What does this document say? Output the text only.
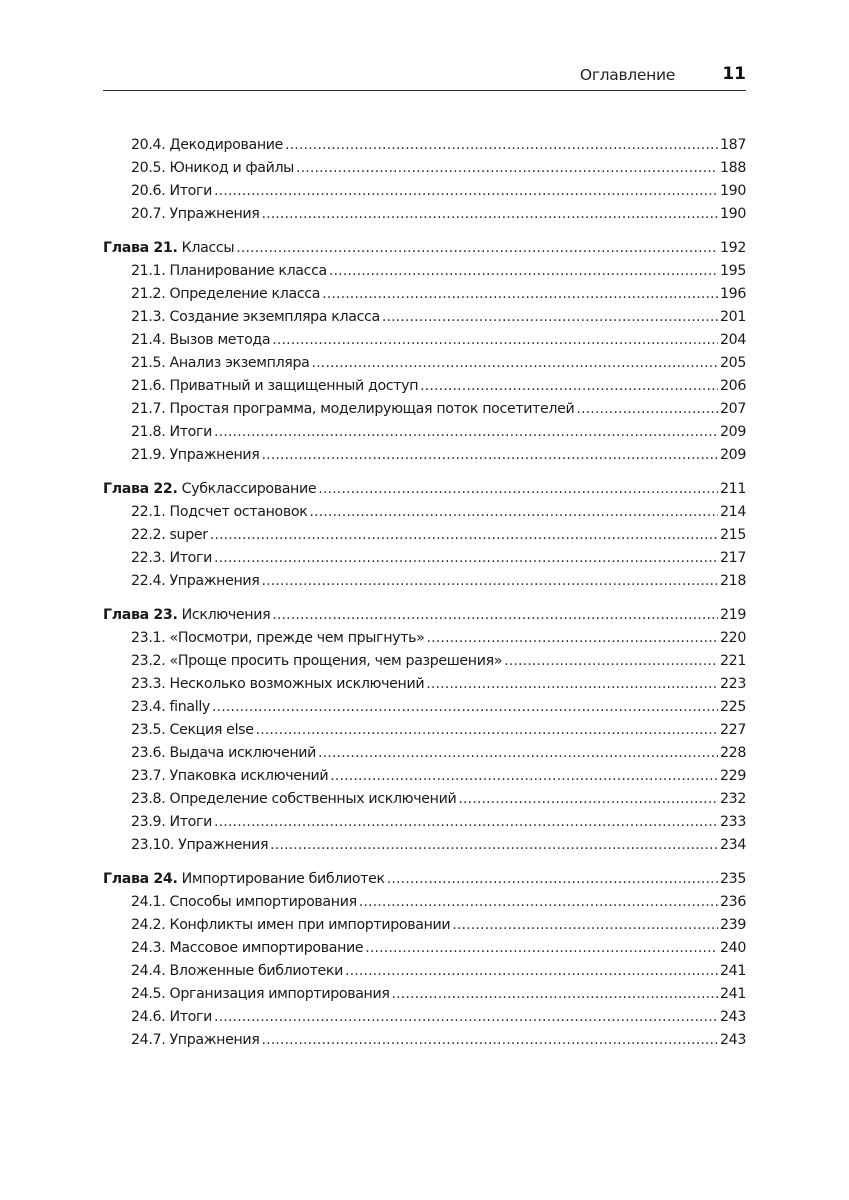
Оглавление	11
20.4. Декодирование . . .	187
20.5. Юникод и файлы . . .	188
20.6. Итоги . . .	190
20.7. Упражнения . . .	190
Глава 21. Классы . . .	192
21.1. Планирование класса . . .	195
21.2. Определение класса . . .	196
21.3. Создание экземпляра класса . . .	201
21.4. Вызов метода . . .	204
21.5. Анализ экземпляра . . .	205
21.6. Приватный и защищенный доступ . . .	206
21.7. Простая программа, моделирующая поток посетителей . . .	207
21.8. Итоги . . .	209
21.9. Упражнения . . .	209
Глава 22. Субклассирование . . .	211
22.1. Подсчет остановок . . .	214
22.2. super . . .	215
22.3. Итоги . . .	217
22.4. Упражнения . . .	218
Глава 23. Исключения . . .	219
23.1. «Посмотри, прежде чем прыгнуть» . . .	220
23.2. «Проще просить прощения, чем разрешения» . . .	221
23.3. Несколько возможных исключений . . .	223
23.4. finally . . .	225
23.5. Секция else . . .	227
23.6. Выдача исключений . . .	228
23.7. Упаковка исключений . . .	229
23.8. Определение собственных исключений . . .	232
23.9. Итоги . . .	233
23.10. Упражнения . . .	234
Глава 24. Импортирование библиотек . . .	235
24.1. Способы импортирования . . .	236
24.2. Конфликты имен при импортировании . . .	239
24.3. Массовое импортирование . . .	240
24.4. Вложенные библиотеки . . .	241
24.5. Организация импортирования . . .	241
24.6. Итоги . . .	243
24.7. Упражнения . . .	243
